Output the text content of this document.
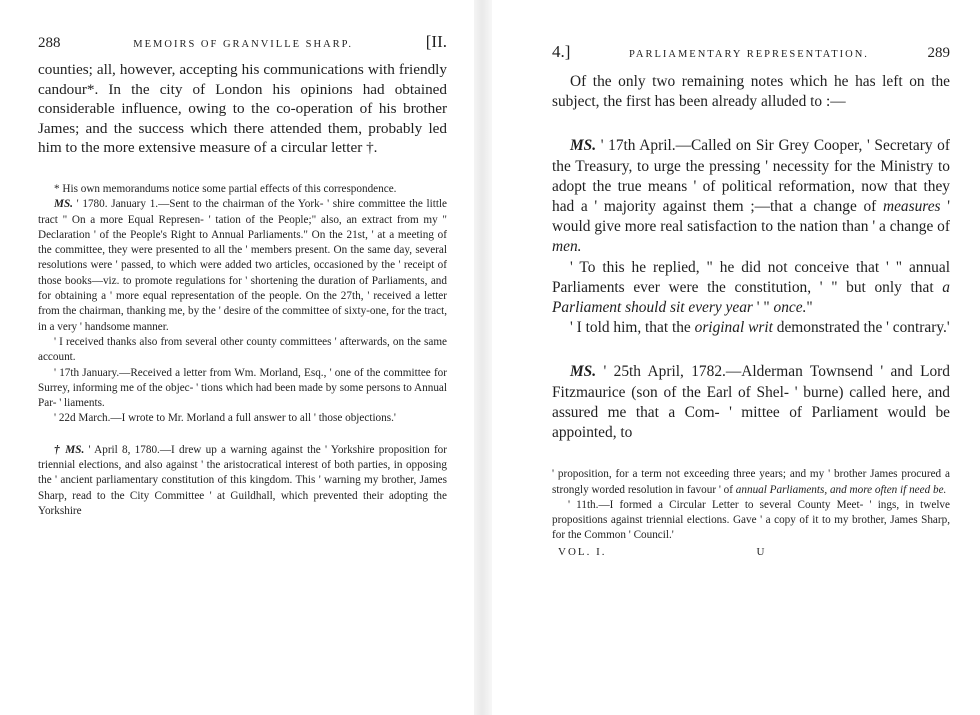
288	MEMOIRS OF GRANVILLE SHARP.	[II.

counties; all, however, accepting his communications with friendly candour*. In the city of London his opinions had obtained considerable influence, owing to the co-operation of his brother James; and the success which there attended them, probably led him to the more extensive measure of a circular letter †.

* His own memorandums notice some partial effects of this correspondence.

MS. ' 1780. January 1.—Sent to the chairman of the York- ' shire committee the little tract " On a more Equal Represen- ' tation of the People;" also, an extract from my " Declaration ' of the People's Right to Annual Parliaments." On the 21st, ' at a meeting of the committee, they were presented to all the ' members present. On the same day, several resolutions were ' passed, to which were added two articles, occasioned by the ' receipt of those books—viz. to promote regulations for ' shortening the duration of Parliaments, and for obtaining a ' more equal representation of the people. On the 27th, ' received a letter from the chairman, thanking me, by the ' desire of the committee of sixty-one, for the tract, in a very ' handsome manner.

' I received thanks also from several other county committees ' afterwards, on the same account.

' 17th January.—Received a letter from Wm. Morland, Esq., ' one of the committee for Surrey, informing me of the objec- ' tions which had been made by some persons to Annual Par- ' liaments.

' 22d March.—I wrote to Mr. Morland a full answer to all ' those objections.'

† MS. ' April 8, 1780.—I drew up a warning against the ' Yorkshire proposition for triennial elections, and also against ' the aristocratical interest of both parties, in opposing the ' ancient parliamentary constitution of this kingdom. This ' warning my brother, James Sharp, read to the City Committee ' at Guildhall, which prevented their adopting the Yorkshire

4.]	PARLIAMENTARY REPRESENTATION.	289

Of the only two remaining notes which he has left on the subject, the first has been already alluded to :—

MS. ' 17th April.—Called on Sir Grey Cooper, ' Secretary of the Treasury, to urge the pressing ' necessity for the Ministry to adopt the true means ' of political reformation, now that they had a ' majority against them ;—that a change of measures ' would give more real satisfaction to the nation than ' a change of men.

' To this he replied, " he did not conceive that ' " annual Parliaments ever were the constitution, ' " but only that a Parliament should sit every year ' " once."

' I told him, that the original writ demonstrated the ' contrary.'

MS. ' 25th April, 1782.—Alderman Townsend ' and Lord Fitzmaurice (son of the Earl of Shel- ' burne) called here, and assured me that a Com- ' mittee of Parliament would be appointed, to

' proposition, for a term not exceeding three years; and my ' brother James procured a strongly worded resolution in favour ' of annual Parliaments, and more often if need be.

' 11th.—I formed a Circular Letter to several County Meet- ' ings, in twelve propositions against triennial elections. Gave ' a copy of it to my brother, James Sharp, for the Common ' Council.'

VOL. I.	U
